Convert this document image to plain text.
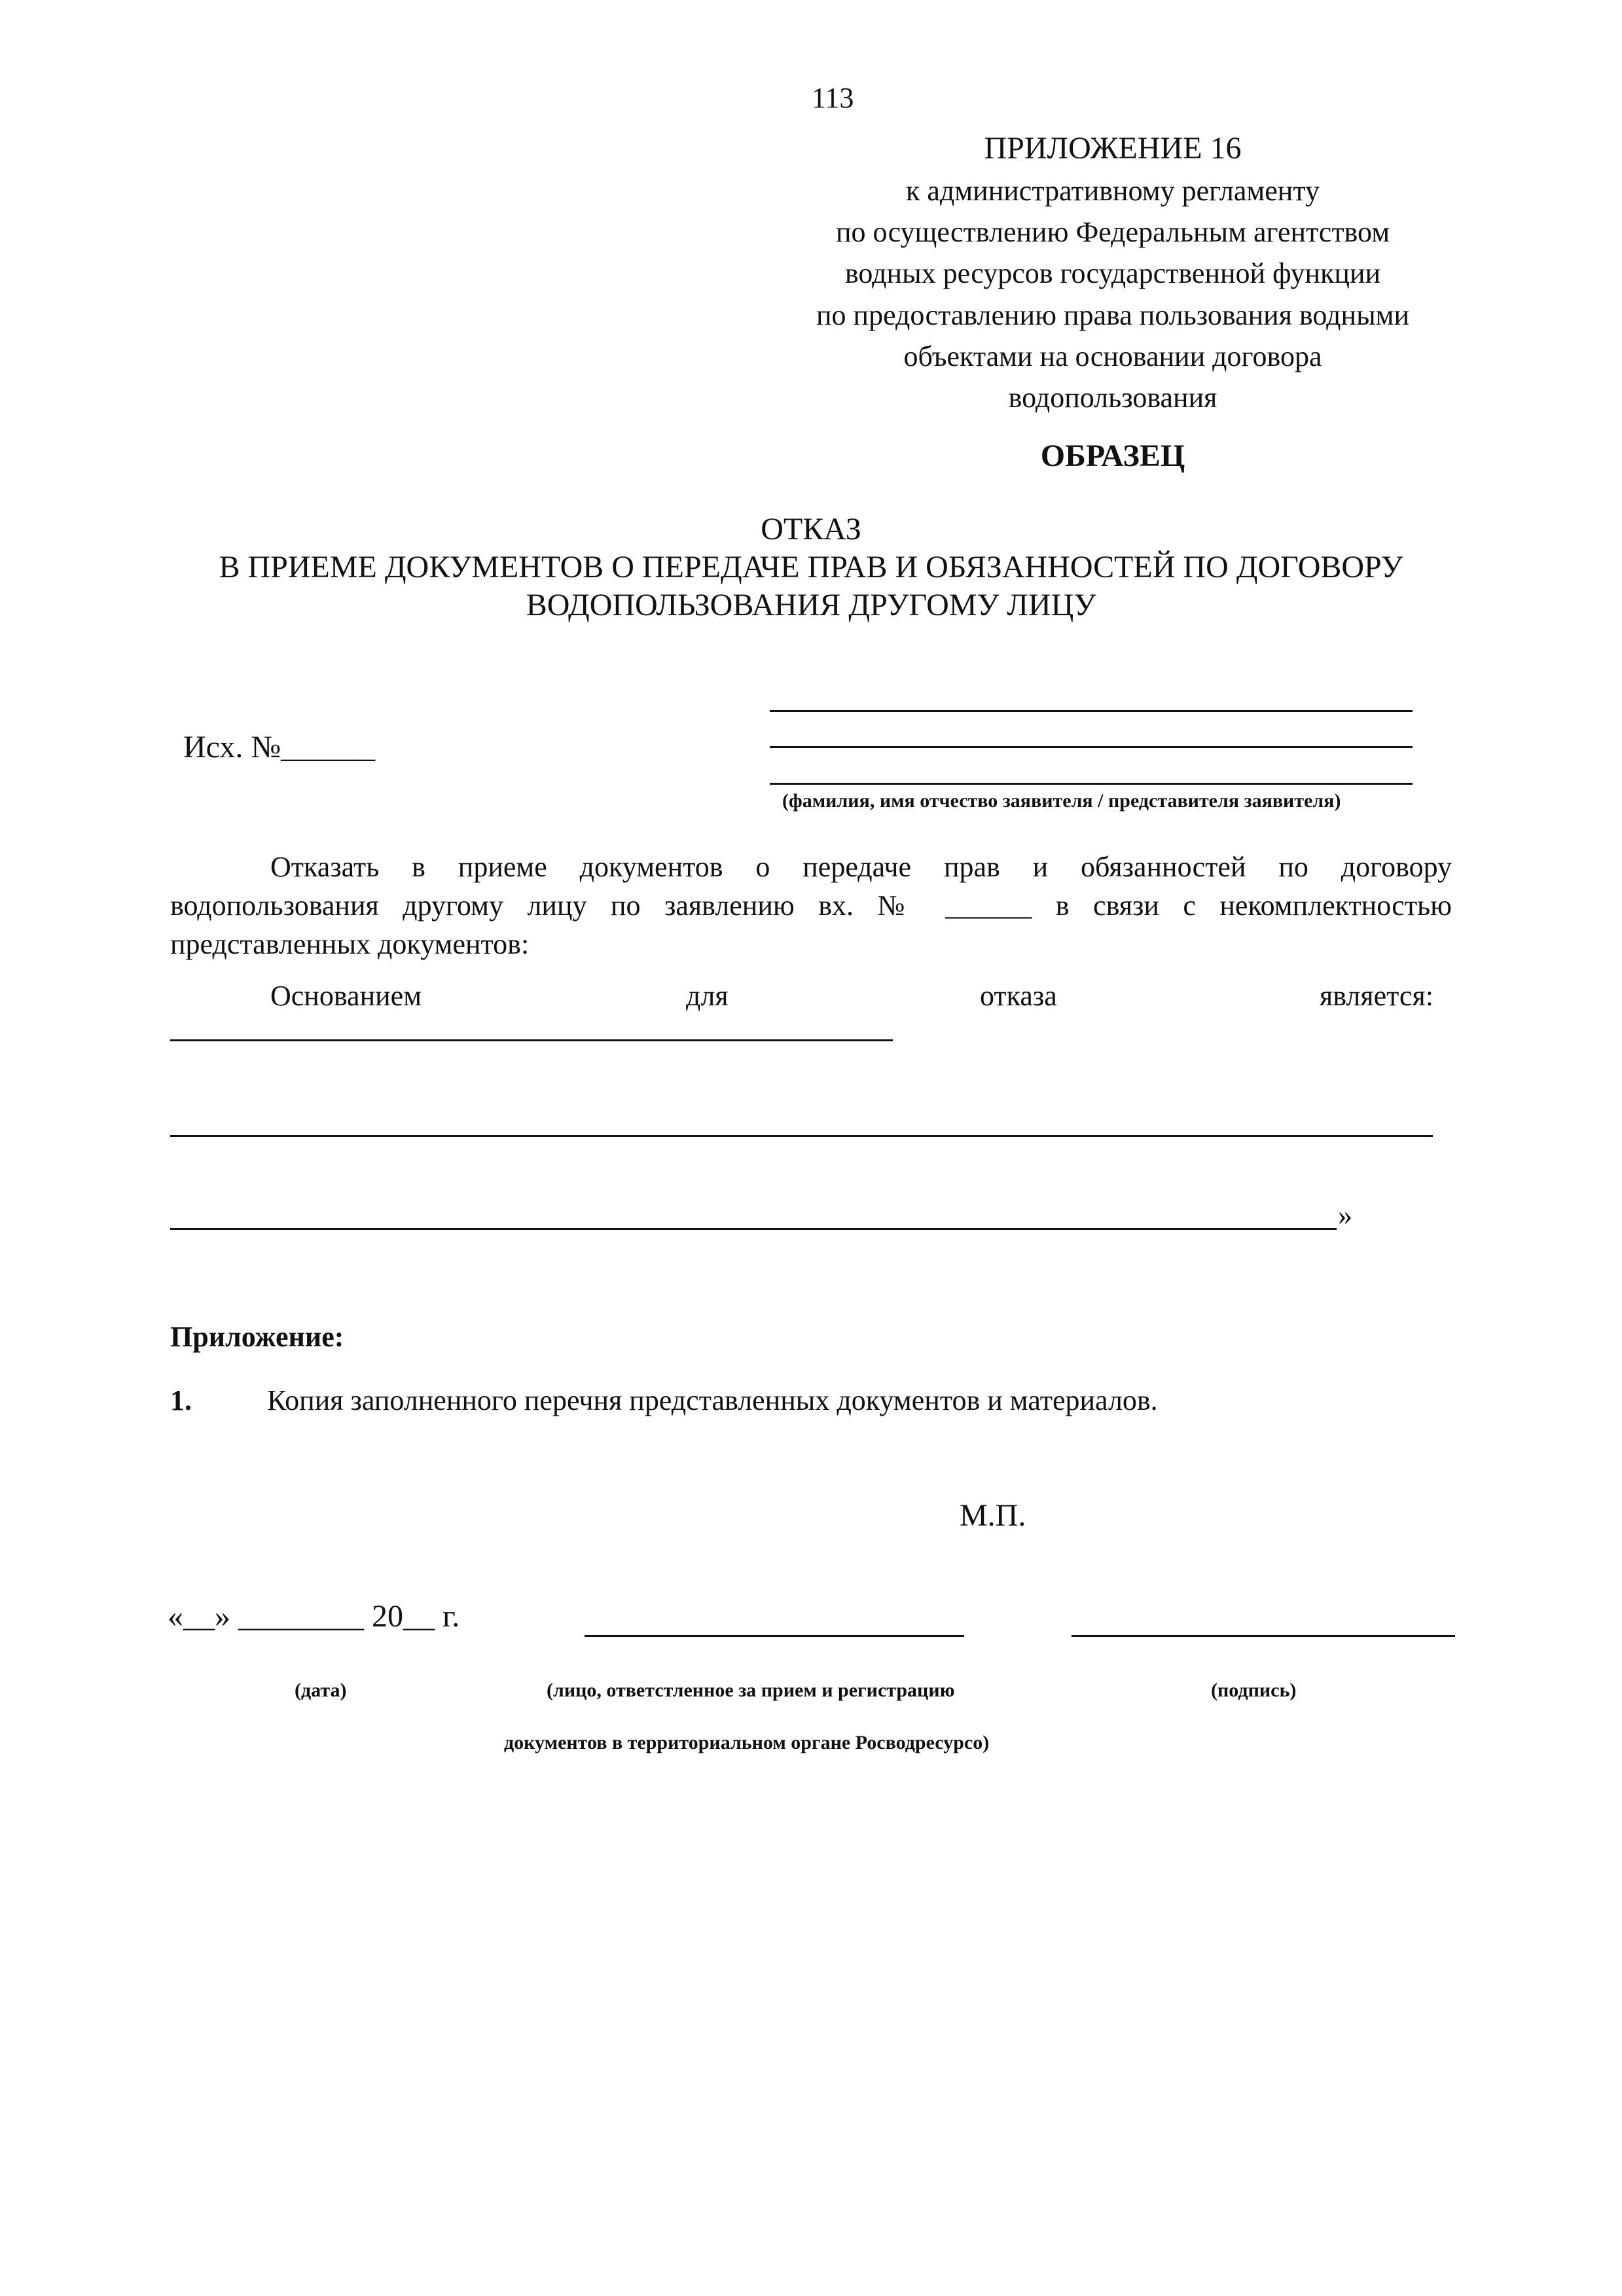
113
ПРИЛОЖЕНИЕ 16
к административному регламенту
по осуществлению Федеральным агентством
водных ресурсов государственной функции
по предоставлению права пользования водными
объектами на основании договора
водопользования
ОБРАЗЕЦ
ОТКАЗ
В ПРИЕМЕ ДОКУМЕНТОВ О ПЕРЕДАЧЕ ПРАВ И ОБЯЗАННОСТЕЙ ПО ДОГОВОРУ
ВОДОПОЛЬЗОВАНИЯ ДРУГОМУ ЛИЦУ
(фамилия, имя отчество заявителя / представителя заявителя)
Исх. №______
Отказать в приеме документов о передаче прав и обязанностей по договору
водопользования другому лицу по заявлению вх. № ______ в связи с некомплектностью
представленных документов:
Основанием	для	отказа	является:
»
Приложение:
1.	Копия заполненного перечня представленных документов и материалов.
М.П.
«__» ________ 20__ г.
(дата)	(лицо, ответстленное за прием и регистрацию
документов в территориальном органе Росводресурсо)
(подпись)
